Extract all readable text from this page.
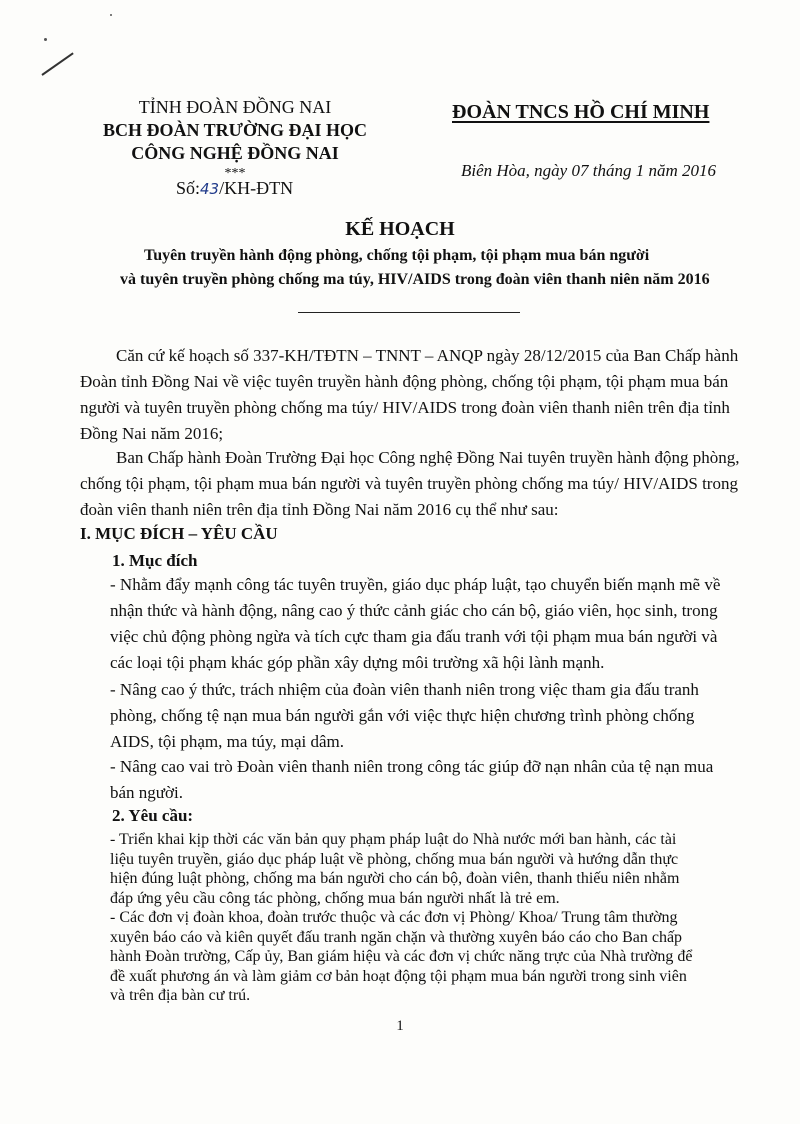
TỈNH ĐOÀN ĐỒNG NAI
BCH ĐOÀN TRƯỜNG ĐẠI HỌC
CÔNG NGHỆ ĐỒNG NAI
***
Số:43/KH-ĐTN
ĐOÀN TNCS HỒ CHÍ MINH
Biên Hòa, ngày 07 tháng 1 năm 2016
KẾ HOẠCH
Tuyên truyền hành động phòng, chống tội phạm, tội phạm mua bán người
và tuyên truyền phòng chống ma túy, HIV/AIDS trong đoàn viên thanh niên năm 2016
Căn cứ kế hoạch số 337-KH/TĐTN – TNNT – ANQP ngày 28/12/2015 của Ban Chấp hành
Đoàn tỉnh Đồng Nai về việc tuyên truyền hành động phòng, chống tội phạm, tội phạm mua bán
người và tuyên truyền phòng chống ma túy/ HIV/AIDS trong đoàn viên thanh niên trên địa tỉnh
Đồng Nai năm 2016;
Ban Chấp hành Đoàn Trường Đại học Công nghệ Đồng Nai tuyên truyền hành động phòng,
chống tội phạm, tội phạm mua bán người và tuyên truyền phòng chống ma túy/ HIV/AIDS trong
đoàn viên thanh niên trên địa tỉnh Đồng Nai năm 2016 cụ thể như sau:
I. MỤC ĐÍCH – YÊU CẦU
1. Mục đích
- Nhằm đẩy mạnh công tác tuyên truyền, giáo dục pháp luật, tạo chuyển biến mạnh mẽ về
nhận thức và hành động, nâng cao ý thức cảnh giác cho cán bộ, giáo viên, học sinh, trong
việc chủ động phòng ngừa và tích cực tham gia đấu tranh với tội phạm mua bán người và
các loại tội phạm khác góp phần xây dựng môi trường xã hội lành mạnh.
- Nâng cao ý thức, trách nhiệm của đoàn viên thanh niên trong việc tham gia đấu tranh
phòng, chống tệ nạn mua bán người gắn với việc thực hiện chương trình phòng chống
AIDS, tội phạm, ma túy, mại dâm.
- Nâng cao vai trò Đoàn viên thanh niên trong công tác giúp đỡ nạn nhân của tệ nạn mua
bán người.
2. Yêu cầu:
- Triển khai kịp thời các văn bản quy phạm pháp luật do Nhà nước mới ban hành, các tài
liệu tuyên truyền, giáo dục pháp luật về phòng, chống mua bán người và hướng dẫn thực
hiện đúng luật phòng, chống ma bán người cho cán bộ, đoàn viên, thanh thiếu niên nhằm
đáp ứng yêu cầu công tác phòng, chống mua bán người nhất là trẻ em.
- Các đơn vị đoàn khoa, đoàn trước thuộc và các đơn vị Phòng/ Khoa/ Trung tâm thường
xuyên báo cáo và kiên quyết đấu tranh ngăn chặn và thường xuyên báo cáo cho Ban chấp
hành Đoàn trường, Cấp ủy, Ban giám hiệu và các đơn vị chức năng trực của Nhà trường để
đề xuất phương án và làm giảm cơ bản hoạt động tội phạm mua bán người trong sinh viên
và trên địa bàn cư trú.
1
